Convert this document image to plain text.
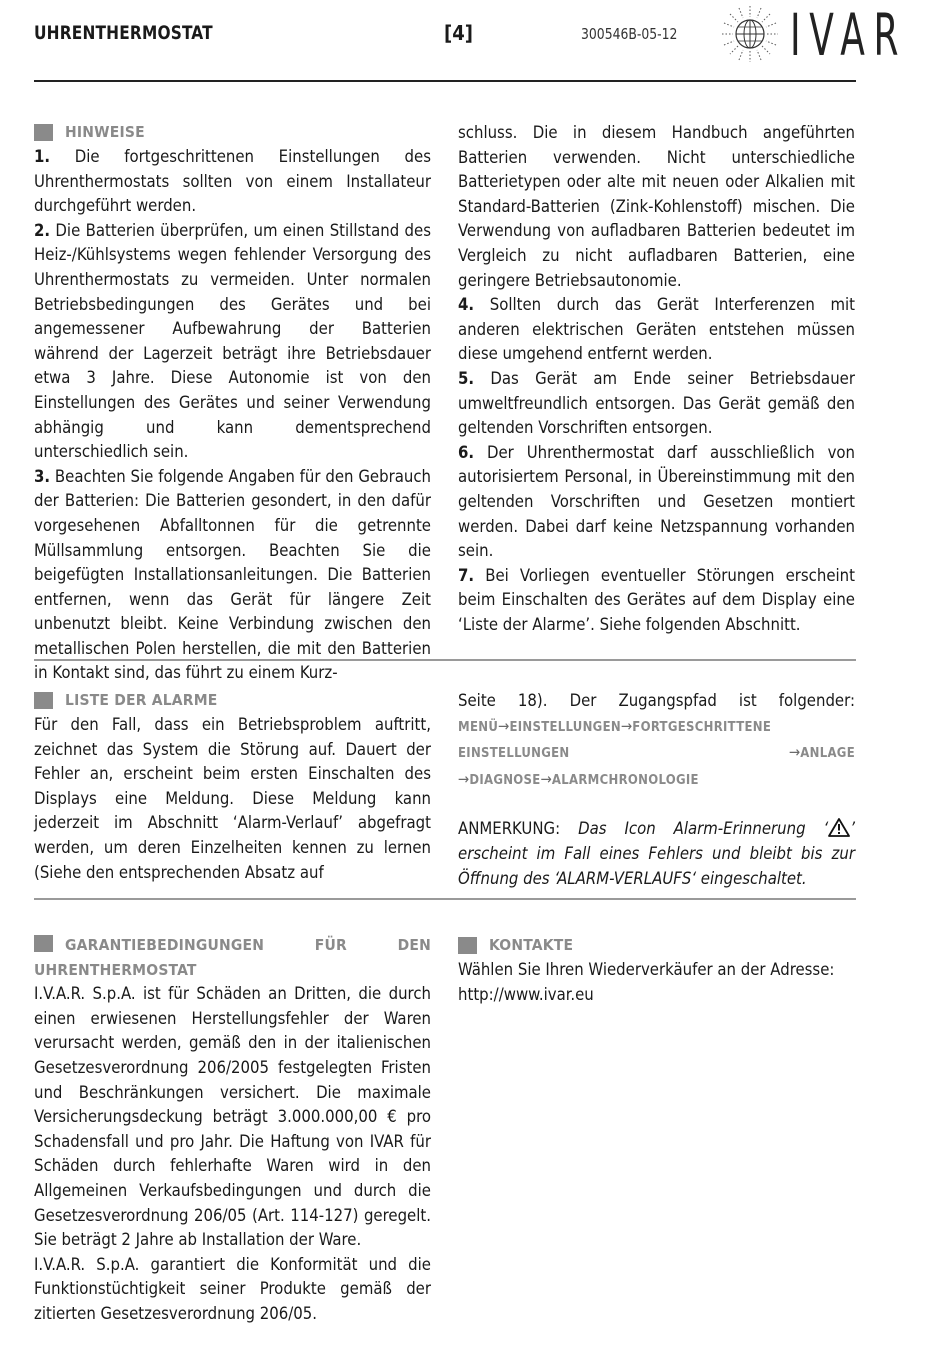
UHRENTHERMOSTAT	[4]	300546B-05-12 IVAR
HINWEISE

1. Die fortgeschrittenen Einstellungen des Uhrenthermostats sollten von einem Installateur durchgeführt werden.

2. Die Batterien überprüfen, um einen Stillstand des Heiz-/Kühlsystems wegen fehlender Versorgung des Uhrenthermostats zu vermeiden. Unter normalen Betriebsbedingungen des Gerätes und bei angemessener Aufbewahrung der Batterien während der Lagerzeit beträgt ihre Betriebsdauer etwa 3 Jahre. Diese Autonomie ist von den Einstellungen des Gerätes und seiner Verwendung abhängig und kann dementsprechend unterschiedlich sein.

3. Beachten Sie folgende Angaben für den Gebrauch der Batterien: Die Batterien gesondert, in den dafür vorgesehenen Abfalltonnen für die getrennte Müllsammlung entsorgen. Beachten Sie die beigefügten Installationsanleitungen. Die Batterien entfernen, wenn das Gerät für längere Zeit unbenutzt bleibt. Keine Verbindung zwischen den metallischen Polen herstellen, die mit den Batterien in Kontakt sind, das führt zu einem Kurz-

schluss. Die in diesem Handbuch angeführten Batterien verwenden. Nicht unterschiedliche Batterietypen oder alte mit neuen oder Alkalien mit Standard-Batterien (Zink-Kohlenstoff) mischen. Die Verwendung von aufladbaren Batterien bedeutet im Vergleich zu nicht aufladbaren Batterien, eine geringere Betriebsautonomie.

4. Sollten durch das Gerät Interferenzen mit anderen elektrischen Geräten entstehen müssen diese umgehend entfernt werden.

5. Das Gerät am Ende seiner Betriebsdauer umweltfreundlich entsorgen. Das Gerät gemäß den geltenden Vorschriften entsorgen.

6. Der Uhrenthermostat darf ausschließlich von autorisiertem Personal, in Übereinstimmung mit den geltenden Vorschriften und Gesetzen montiert werden. Dabei darf keine Netzspannung vorhanden sein.

7. Bei Vorliegen eventueller Störungen erscheint beim Einschalten des Gerätes auf dem Display eine ‘Liste der Alarme’. Siehe folgenden Abschnitt.

LISTE DER ALARME

Für den Fall, dass ein Betriebsproblem auftritt, zeichnet das System die Störung auf. Dauert der Fehler an, erscheint beim ersten Einschalten des Displays eine Meldung. Diese Meldung kann jederzeit im Abschnitt ‘Alarm-Verlauf’ abgefragt werden, um deren Einzelheiten kennen zu lernen (Siehe den entsprechenden Absatz auf

Seite 18). Der Zugangspfad ist folgender: MENÜ→EINSTELLUNGEN→FORTGESCHRITTENE EINSTELLUNGEN	→ANLAGE →DIAGNOSE→ALARMCHRONOLOGIE

ANMERKUNG: Das Icon Alarm-Erinnerung ‘ ’ erscheint im Fall eines Fehlers und bleibt bis zur Öffnung des ‘ALARM-VERLAUFS‘ eingeschaltet.

GARANTIEBEDINGUNGEN FÜR DEN UHRENTHERMOSTAT

I.V.A.R. S.p.A. ist für Schäden an Dritten, die durch einen erwiesenen Herstellungsfehler der Waren verursacht werden, gemäß den in der italienischen Gesetzesverordnung 206/2005 festgelegten Fristen und Beschränkungen versichert. Die maximale Versicherungsdeckung beträgt 3.000.000,00 € pro Schadensfall und pro Jahr. Die Haftung von IVAR für Schäden durch fehlerhafte Waren wird in den Allgemeinen Verkaufsbedingungen und durch die Gesetzesverordnung 206/05 (Art. 114-127) geregelt. Sie beträgt 2 Jahre ab Installation der Ware.

I.V.A.R. S.p.A. garantiert die Konformität und die Funktionstüchtigkeit seiner Produkte gemäß der zitierten Gesetzesverordnung 206/05.

KONTAKTE

Wählen Sie Ihren Wiederverkäufer an der Adresse:

http://www.ivar.eu
